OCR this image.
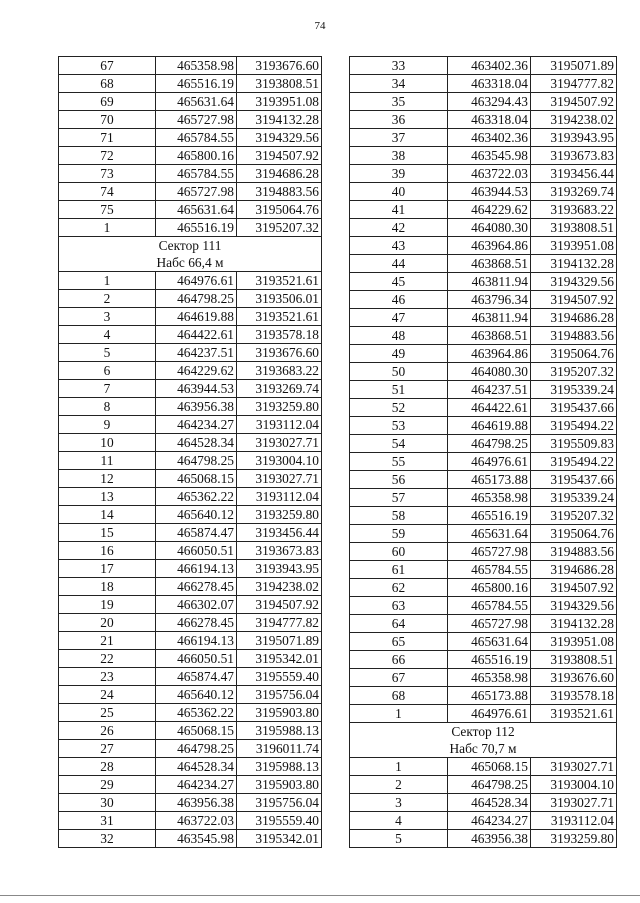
74
67	465358.98	3193676.60
68	465516.19	3193808.51
69	465631.64	3193951.08
70	465727.98	3194132.28
71	465784.55	3194329.56
72	465800.16	3194507.92
73	465784.55	3194686.28
74	465727.98	3194883.56
75	465631.64	3195064.76
1	465516.19	3195207.32
Сектор 111		
Набс 66,4 м		
1	464976.61	3193521.61
2	464798.25	3193506.01
3	464619.88	3193521.61
4	464422.61	3193578.18
5	464237.51	3193676.60
6	464229.62	3193683.22
7	463944.53	3193269.74
8	463956.38	3193259.80
9	464234.27	3193112.04
10	464528.34	3193027.71
11	464798.25	3193004.10
12	465068.15	3193027.71
13	465362.22	3193112.04
14	465640.12	3193259.80
15	465874.47	3193456.44
16	466050.51	3193673.83
17	466194.13	3193943.95
18	466278.45	3194238.02
19	466302.07	3194507.92
20	466278.45	3194777.82
21	466194.13	3195071.89
22	466050.51	3195342.01
23	465874.47	3195559.40
24	465640.12	3195756.04
25	465362.22	3195903.80
26	465068.15	3195988.13
27	464798.25	3196011.74
28	464528.34	3195988.13
29	464234.27	3195903.80
30	463956.38	3195756.04
31	463722.03	3195559.40
32	463545.98	3195342.01
33	463402.36	3195071.89
34	463318.04	3194777.82
35	463294.43	3194507.92
36	463318.04	3194238.02
37	463402.36	3193943.95
38	463545.98	3193673.83
39	463722.03	3193456.44
40	463944.53	3193269.74
41	464229.62	3193683.22
42	464080.30	3193808.51
43	463964.86	3193951.08
44	463868.51	3194132.28
45	463811.94	3194329.56
46	463796.34	3194507.92
47	463811.94	3194686.28
48	463868.51	3194883.56
49	463964.86	3195064.76
50	464080.30	3195207.32
51	464237.51	3195339.24
52	464422.61	3195437.66
53	464619.88	3195494.22
54	464798.25	3195509.83
55	464976.61	3195494.22
56	465173.88	3195437.66
57	465358.98	3195339.24
58	465516.19	3195207.32
59	465631.64	3195064.76
60	465727.98	3194883.56
61	465784.55	3194686.28
62	465800.16	3194507.92
63	465784.55	3194329.56
64	465727.98	3194132.28
65	465631.64	3193951.08
66	465516.19	3193808.51
67	465358.98	3193676.60
68	465173.88	3193578.18
1	464976.61	3193521.61
Сектор 112		
Набс 70,7 м		
1	465068.15	3193027.71
2	464798.25	3193004.10
3	464528.34	3193027.71
4	464234.27	3193112.04
5	463956.38	3193259.80
